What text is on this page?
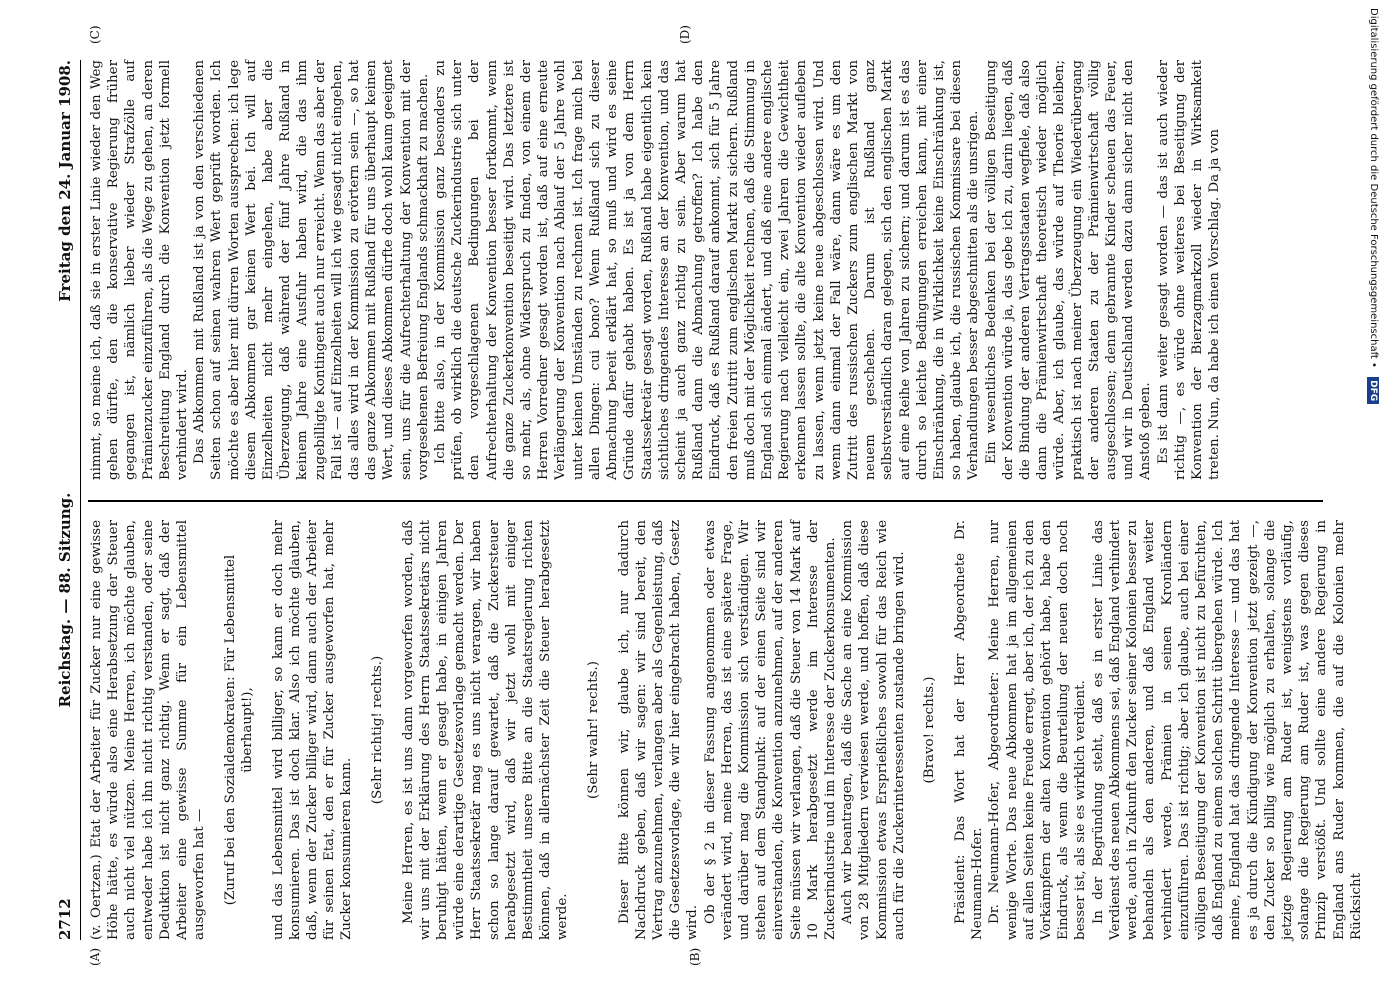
2712
Reichstag. — 88. Sitzung.
Freitag den 24. Januar 1908.
(A)	(B)

(v. Oertzen.) Etat der Arbeiter für Zucker nur eine gewisse Höhe hätte, es würde also eine Herabsetzung der Steuer auch nicht viel nützen. Meine Herren, ich möchte glauben, entweder habe ich ihn nicht richtig verstanden, oder seine Deduktion ist nicht ganz richtig. Wenn er sagt, daß der Arbeiter eine gewisse Summe für ein Lebensmittel ausgeworfen hat — (Zuruf bei den Sozialdemokraten: Für Lebensmittel überhaupt!), und das Lebensmittel wird billiger, so kann er doch mehr konsumieren. Das ist doch klar. Also ich möchte glauben, daß, wenn der Zucker billiger wird, dann auch der Arbeiter für seinen Etat, den er für Zucker ausgeworfen hat, mehr Zucker konsumieren kann.

(Sehr richtig! rechts.) Meine Herren, es ist uns dann vorgeworfen worden, daß wir uns mit der Erklärung des Herrn Staatssekretärs nicht beruhigt hätten, wenn er gesagt habe, in einigen Jahren würde eine derartige Gesetzesvorlage gemacht werden. Der Herr Staatssekretär mag es uns nicht verargen, wir haben schon so lange darauf gewartet, daß die Zuckersteuer herabgesetzt wird, daß wir jetzt wohl mit einiger Bestimmtheit unsere Bitte an die Staatsregierung richten können, daß in allernächster Zeit die Steuer herabgesetzt werde.

(Sehr wahr! rechts.) Dieser Bitte können wir, glaube ich, nur dadurch Nachdruck geben, daß wir sagen: wir sind bereit, den Vertrag anzunehmen, verlangen aber als Gegenleistung, daß die Gesetzesvorlage, die wir hier eingebracht haben, Gesetz wird. Ob der § 2 in dieser Fassung angenommen oder etwas verändert wird, meine Herren, das ist eine spätere Frage, und darüber mag die Kommission sich verständigen. Wir stehen auf dem Standpunkt: auf der einen Seite sind wir einverstanden, die Konvention anzunehmen, auf der anderen Seite müssen wir verlangen, daß die Steuer von 14 Mark auf 10 Mark herabgesetzt werde im Interesse der Zuckerindustrie und im Interesse der Zuckerkonsumenten. Auch wir beantragen, daß die Sache an eine Kommission von 28 Mitgliedern verwiesen werde, und hoffen, daß diese Kommission etwas Ersprießliches sowohl für das Reich wie auch für die Zuckerinteressenten zustande bringen wird. (Bravo! rechts.) Präsident: Das Wort hat der Herr Abgeordnete Dr. Neumann-Hofer. Dr. Neumann-Hofer, Abgeordneter: Meine Herren, nur wenige Worte. Das neue Abkommen hat ja im allgemeinen auf allen Seiten keine Freude erregt, aber ich, der ich zu den Vorkämpfern der alten Konvention gehört habe, habe den Eindruck, als wenn die Beurteilung der neuen doch noch besser ist, als sie es wirklich verdient. In der Begründung steht, daß es in erster Linie das Verdienst des neuen Abkommens sei, daß England verhindert werde, auch in Zukunft den Zucker seiner Kolonien besser zu behandeln als den anderen, und daß England weiter verhindert werde, Prämien in seinen Kronländern einzuführen. Das ist richtig; aber ich glaube, auch bei einer völligen Beseitigung der Konvention ist nicht zu befürchten, daß England zu einem solchen Schritt übergehen würde. Ich meine, England hat das dringende Interesse — und das hat es ja durch die Kündigung der Konvention jetzt gezeigt —, den Zucker so billig wie möglich zu erhalten, solange die jetzige Regierung am Ruder ist, wenigstens vorläufig, solange die Regierung am Ruder ist, was gegen dieses Prinzip verstößt. Und sollte eine andere Regierung in England ans Ruder kommen, die auf die Kolonien mehr Rücksicht

(C)	(D)

nimmt, so meine ich, daß sie in erster Linie wieder den Weg gehen dürfte, den die konservative Regierung früher gegangen ist, nämlich lieber wieder Strafzölle auf Prämienzucker einzuführen, als die Wege zu gehen, an deren Beschreitung England durch die Konvention jetzt formell verhindert wird. Das Abkommen mit Rußland ist ja von den verschiedenen Seiten schon auf seinen wahren Wert geprüft worden. Ich möchte es aber hier mit dürren Worten aussprechen: ich lege diesem Abkommen gar keinen Wert bei. Ich will auf Einzelheiten nicht mehr eingehen, habe aber die Überzeugung, daß während der fünf Jahre Rußland in keinem Jahre eine Ausfuhr haben wird, die das ihm zugebilligte Kontingent auch nur erreicht. Wenn das aber der Fall ist — auf Einzelheiten will ich wie gesagt nicht eingehen, das alles wird in der Kommission zu erörtern sein —, so hat das ganze Abkommen mit Rußland für uns überhaupt keinen Wert, und dieses Abkommen dürfte doch wohl kaum geeignet sein, uns für die Aufrechterhaltung der Konvention mit der vorgesehenen Befreiung Englands schmackhaft zu machen. Ich bitte also, in der Kommission ganz besonders zu prüfen, ob wirklich die deutsche Zuckerindustrie sich unter den vorgeschlagenen Bedingungen bei der Aufrechterhaltung der Konvention besser fortkommt, wenn die ganze Zuckerkonvention beseitigt wird. Das letztere ist so mehr, als, ohne Widerspruch zu finden, von einem der Herren Vorredner gesagt worden ist, daß auf eine erneute Verlängerung der Konvention nach Ablauf der 5 Jahre wohl unter keinen Umständen zu rechnen ist. Ich frage mich bei allen Dingen: cui bono? Wenn Rußland sich zu dieser Abmachung bereit erklärt hat, so muß und wird es seine Gründe dafür gehabt haben. Es ist ja von dem Herrn Staatssekretär gesagt worden, Rußland habe eigentlich kein sichtliches dringendes Interesse an der Konvention, und das scheint ja auch ganz richtig zu sein. Aber warum hat Rußland dann die Abmachung getroffen? Ich habe den Eindruck, daß es Rußland darauf ankommt, sich für 5 Jahre den freien Zutritt zum englischen Markt zu sichern. Rußland muß doch mit der Möglichkeit rechnen, daß die Stimmung in England sich einmal ändert, und daß eine andere englische Regierung nach vielleicht ein, zwei Jahren die Gewichtheit erkennen lassen sollte, die alte Konvention wieder aufleben zu lassen, wenn jetzt keine neue abgeschlossen wird. Und wenn dann einmal der Fall wäre, dann wäre es um den Zutritt des russischen Zuckers zum englischen Markt von neuem geschehen. Darum ist Rußland ganz selbstverständlich daran gelegen, sich den englischen Markt auf eine Reihe von Jahren zu sichern; und darum ist es das durch so leichte Bedingungen erreichen kann, mit einer Einschränkung, die in Wirklichkeit keine Einschränkung ist, so haben, glaube ich, die russischen Kommissare bei diesen Verhandlungen besser abgeschnitten als die unsrigen. Ein wesentliches Bedenken bei der völligen Beseitigung der Konvention würde ja, das gebe ich zu, darin liegen, daß die Bindung der anderen Vertragsstaaten wegfiele, daß also dann die Prämienwirtschaft theoretisch wieder möglich würde. Aber, ich glaube, das würde auf Theorie bleiben; praktisch ist nach meiner Überzeugung ein Wiederübergang der anderen Staaten zu der Prämienwirtschaft völlig ausgeschlossen; denn gebrannte Kinder scheuen das Feuer, und wir in Deutschland werden dazu dann sicher nicht den Anstoß geben. Es ist dann weiter gesagt worden — das ist auch wieder richtig —, es würde ohne weiteres bei Beseitigung der Konvention der Bierzagmarkzoll wieder in Wirksamkeit treten. Nun, da habe ich einen Vorschlag. Da ja von	Digitalisierung gefördert durch die Deutsche Forschungsgemeinschaft • DFG
